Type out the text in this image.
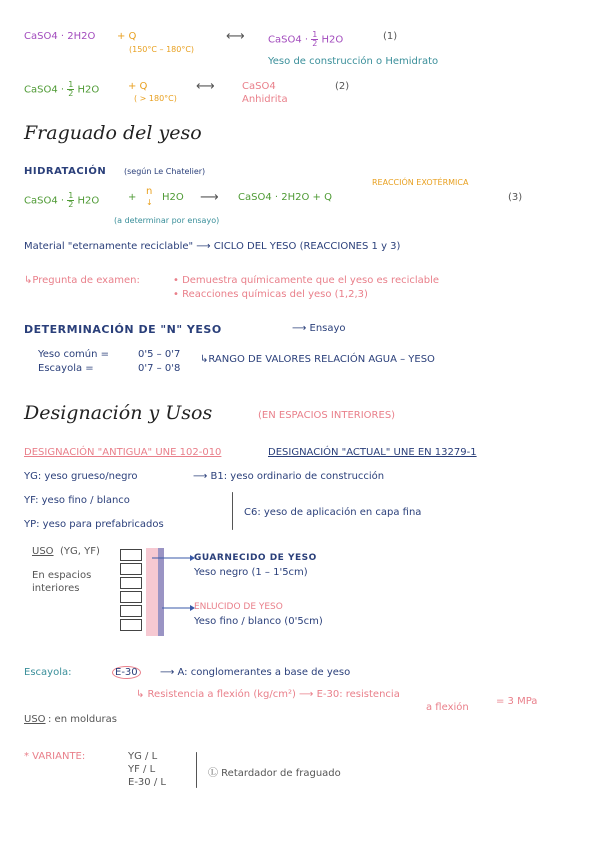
CaSO4 · 2H2O + Q
(150°C – 180°C)
⟷ CaSO4 · $\frac{1}{2} H2O$	(1)
Yeso de construcción o Hemidrato
CaSO4 · $\frac{1}{2} H2O$	+ Q
( > 180°C)
⟷	CaSO4
Anhidrita
(2)
Fraguado del yeso
HIDRATACIÓN (según Le Chatelier)
REACCIÓN EXOTÉRMICA
CaSO4 · $\frac{1}{2} H2O$	+
n
↓ H2O ⟶ CaSO4 · 2H2O + Q	(3)
(a determinar por ensayo)
Material "eternamente reciclable" ⟶ CICLO DEL YESO (REACCIONES 1 y 3)
↳Pregunta de examen:	• Demuestra químicamente que el yeso es reciclable
• Reacciones químicas del yeso (1,2,3)
DETERMINACIÓN DE "N" YESO	⟶ Ensayo
Yeso común =	0'5 – 0'7
Escayola =	0'7 – 0'8
↳RANGO DE VALORES RELACIÓN AGUA – YESO
Designación y Usos	(EN ESPACIOS INTERIORES)
DESIGNACIÓN "ANTIGUA" UNE 102-010	DESIGNACIÓN "ACTUAL" UNE EN 13279-1
YG: yeso grueso/negro	⟶ B1: yeso ordinario de construcción
YF: yeso fino / blanco
YP: yeso para prefabricados
C6: yeso de aplicación en capa fina
USO (YG, YF)
En espacios
interiores
GUARNECIDO DE YESO
Yeso negro (1 – 1'5cm)
ENLUCIDO DE YESO
Yeso fino / blanco (0'5cm)
Escayola:	E-30	⟶ A: conglomerantes a base de yeso
↳ Resistencia a flexión (kg/cm²) ⟶ E-30: resistencia
a flexión
= 3 MPa
USO : en molduras
* VARIANTE:	YG / L
YF / L
E-30 / L
Ⓛ Retardador de fraguado
